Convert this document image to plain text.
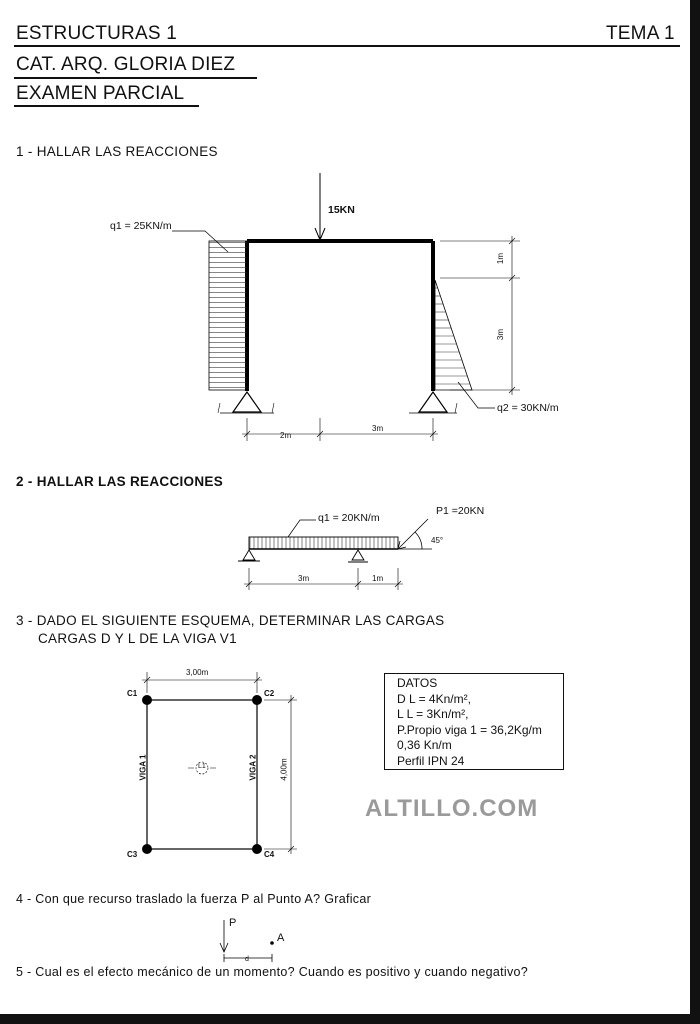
ESTRUCTURAS 1	TEMA 1
CAT. ARQ. GLORIA DIEZ
EXAMEN PARCIAL
1 - HALLAR LAS REACCIONES
2 - HALLAR LAS REACCIONES
3 - DADO EL SIGUIENTE ESQUEMA, DETERMINAR LAS CARGAS
CARGAS D Y L DE LA VIGA V1
4 - Con que recurso traslado la fuerza P al Punto A? Graficar
5 - Cual es el efecto mecánico de un momento? Cuando es positivo y cuando negativo?
15KN
q1 = 25KN/m
q2 = 30KN/m
1m
3m
2m
3m
q1 = 20KN/m
P1 =20KN
45°
3m	1m
3,00m
4,00m
C1	C2
C3	C4
VIGA 1	VIGA 2
L1
DATOS
D L = 4Kn/m²,
L L = 3Kn/m²,
P.Propio viga 1 = 36,2Kg/m
0,36 Kn/m
Perfil IPN 24
ALTILLO.COM
P
A
d
